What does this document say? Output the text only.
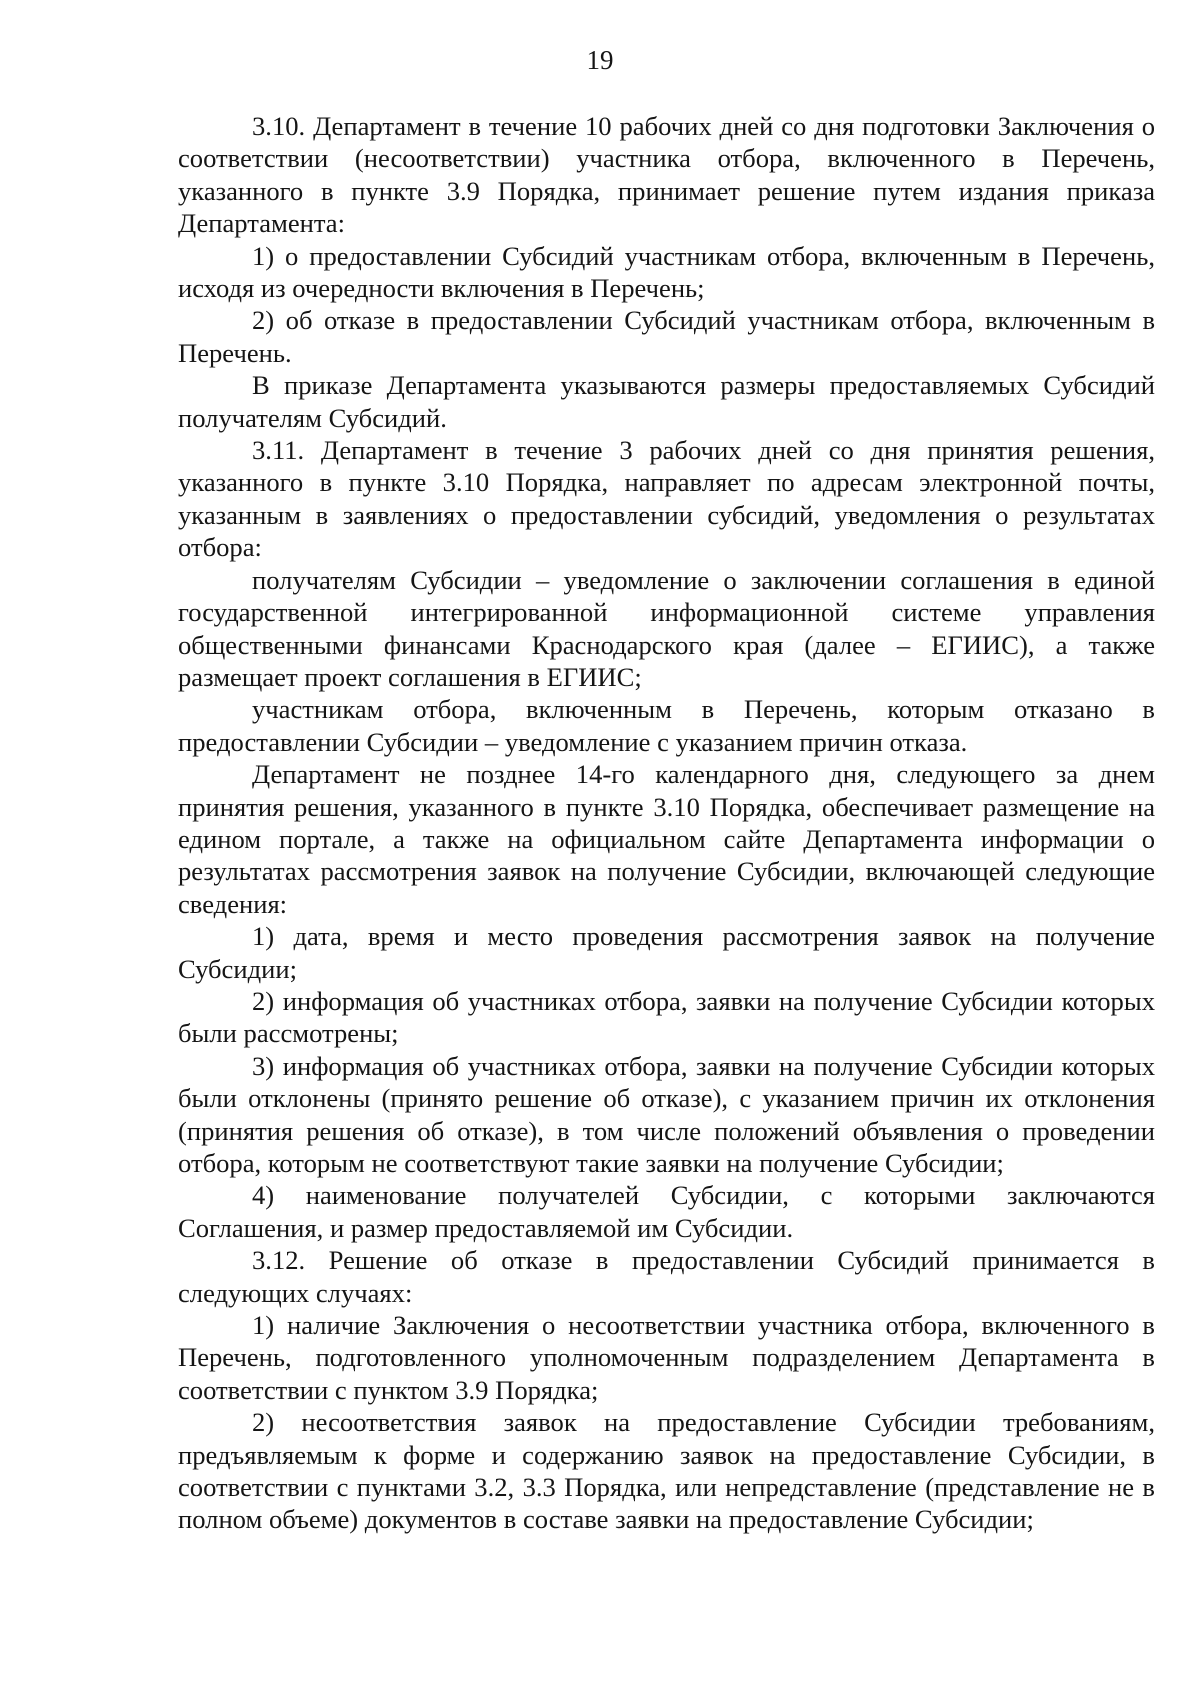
19

3.10. Департамент в течение 10 рабочих дней со дня подготовки Заключения о соответствии (несоответствии) участника отбора, включенного в Перечень, указанного в пункте 3.9 Порядка, принимает решение путем издания приказа Департамента:

1) о предоставлении Субсидий участникам отбора, включенным в Перечень, исходя из очередности включения в Перечень;

2) об отказе в предоставлении Субсидий участникам отбора, включенным в Перечень.

В приказе Департамента указываются размеры предоставляемых Субсидий получателям Субсидий.

3.11. Департамент в течение 3 рабочих дней со дня принятия решения, указанного в пункте 3.10 Порядка, направляет по адресам электронной почты, указанным в заявлениях о предоставлении субсидий, уведомления о результатах отбора:

получателям Субсидии – уведомление о заключении соглашения в единой государственной интегрированной информационной системе управления общественными финансами Краснодарского края (далее – ЕГИИС), а также размещает проект соглашения в ЕГИИС;

участникам отбора, включенным в Перечень, которым отказано в предоставлении Субсидии – уведомление с указанием причин отказа.

Департамент не позднее 14-го календарного дня, следующего за днем принятия решения, указанного в пункте 3.10 Порядка, обеспечивает размещение на едином портале, а также на официальном сайте Департамента информации о результатах рассмотрения заявок на получение Субсидии, включающей следующие сведения:

1) дата, время и место проведения рассмотрения заявок на получение Субсидии;

2) информация об участниках отбора, заявки на получение Субсидии которых были рассмотрены;

3) информация об участниках отбора, заявки на получение Субсидии которых были отклонены (принято решение об отказе), с указанием причин их отклонения (принятия решения об отказе), в том числе положений объявления о проведении отбора, которым не соответствуют такие заявки на получение Субсидии;

4) наименование получателей Субсидии, с которыми заключаются Соглашения, и размер предоставляемой им Субсидии.

3.12. Решение об отказе в предоставлении Субсидий принимается в следующих случаях:

1) наличие Заключения о несоответствии участника отбора, включенного в Перечень, подготовленного уполномоченным подразделением Департамента в соответствии с пунктом 3.9 Порядка;

2) несоответствия заявок на предоставление Субсидии требованиям, предъявляемым к форме и содержанию заявок на предоставление Субсидии, в соответствии с пунктами 3.2, 3.3 Порядка, или непредставление (представление не в полном объеме) документов в составе заявки на предоставление Субсидии;
